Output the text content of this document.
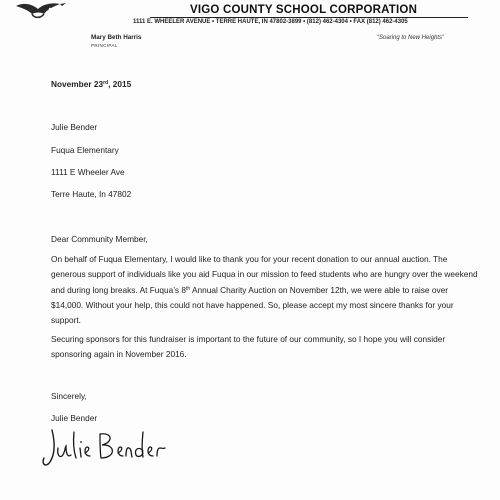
VIGO COUNTY SCHOOL CORPORATION
1111 E. WHEELER AVENUE • TERRE HAUTE, IN 47802-3899 • (812) 462-4304 • FAX (812) 462-4305
Mary Beth Harris
PRINCIPAL
“Soaring to New Heights”
November 23rd, 2015
Julie Bender
Fuqua Elementary
1111 E Wheeler Ave
Terre Haute, In 47802
Dear Community Member,
On behalf of Fuqua Elementary, I would like to thank you for your recent donation to our annual auction. The generous support of individuals like you aid Fuqua in our mission to feed students who are hungry over the weekend and during long breaks. At Fuqua’s 8th Annual Charity Auction on November 12th, we were able to raise over $14,000. Without your help, this could not have happened. So, please accept my most sincere thanks for your support.
Securing sponsors for this fundraiser is important to the future of our community, so I hope you will consider sponsoring again in November 2016.
Sincerely,
Julie Bender
